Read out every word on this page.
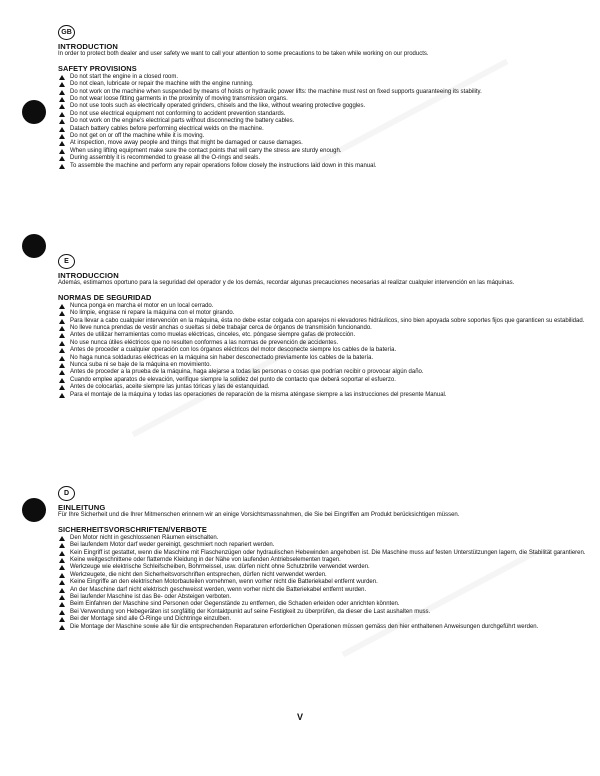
GB
INTRODUCTION

In order to protect both dealer and user safety we want to call your attention to some precautions to be taken while working on our products.

SAFETY PROVISIONS
Do not start the engine in a closed room.
Do not clean, lubricate or repair the machine with the engine running.
Do not work on the machine when suspended by means of hoists or hydraulic power lifts: the machine must rest on fixed supports guaranteeing its stability.
Do not wear loose fitting garments in the proximity of moving transmission organs.
Do not use tools such as electrically operated grinders, chisels and the like, without wearing protective goggles.
Do not use electrical equipment not conforming to accident prevention standards.
Do not work on the engine's electrical parts without disconnecting the battery cables.
Datach battery cables before performing electrical welds on the machine.
Do not get on or off the machine while it is moving.
At inspection, move away people and things that might be damaged or cause damages.
When using lifting equipment make sure the contact points that will carry the stress are sturdy enough.
During assembly it is recommended to grease all the O-rings and seals.
To assemble the machine and perform any repair operations follow closely the instructions laid down in this manual.
E
INTRODUCCION

Además, estimamos oportuno para la seguridad del operador y de los demás, recordar algunas precauciones necesarias al realizar cualquier intervención en las máquinas.

NORMAS DE SEGURIDAD
Nunca ponga en marcha el motor en un local cerrado.
No limpie, engrase ni repare la máquina con el motor girando.
Para llevar a cabo cualquier intervención en la máquina, ésta no debe estar colgada con aparejos ni elevadores hidráulicos, sino bien apoyada sobre soportes fijos que garanticen su estabilidad.
No lleve nunca prendas de vestir anchas o sueltas si debe trabajar cerca de órganos de transmisión funcionando.
Antes de utilizar herramientas como muelas eléctricas, cinceles, etc. póngase siempre gafas de protección.
No use nunca útiles eléctricos que no resulten conformes a las normas de prevención de accidentes.
Antes de proceder a cualquier operación con los órganos eléctricos del motor desconecte siempre los cables de la batería.
No haga nunca soldaduras eléctricas en la máquina sin haber desconectado previamente los cables de la batería.
Nunca suba ni se baje de la máquina en movimiento.
Antes de proceder a la prueba de la máquina, haga alejarse a todas las personas o cosas que podrían recibir o provocar algún daño.
Cuando emplee aparatos de elevación, verifique siempre la solidez del punto de contacto que deberá soportar el esfuerzo.
Antes de colocarlas, aceite siempre las juntas tóricas y las de estanquidad.
Para el montaje de la máquina y todas las operaciones de reparación de la misma aténgase siempre a las instrucciones del presente Manual.
D
EINLEITUNG

Für Ihre Sicherheit und die Ihrer Mitmenschen erinnern wir an einige Vorsichtsmassnahmen, die Sie bei Eingriffen am Produkt berücksichtigen müssen.

SICHERHEITSVORSCHRIFTEN/VERBOTE
Den Motor nicht in geschlossenen Räumen einschalten.
Bei laufendem Motor darf weder gereinigt, geschmiert noch repariert werden.
Kein Eingriff ist gestattet, wenn die Maschine mit Flaschenzügen oder hydraulischen Hebewinden angehoben ist. Die Maschine muss auf festen Unterstützungen lagern, die Stabilität garantieren.
Keine weitgeschnittene oder flatternde Kleidung in der Nähe von laufenden Antriebselementen tragen.
Werkzeuge wie elektrische Schleifscheiben, Bohrmeissel, usw. dürfen nicht ohne Schutzbrille verwendet werden.
Werkzeugete, die nicht den Sicherheitsvorschriften entsprechen, dürfen nicht verwendet werden.
Keine Eingriffe an den elektrischen Motorbauteilen vornehmen, wenn vorher nicht die Batteriekabel entfernt wurden.
An der Maschine darf nicht elektrisch geschweisst werden, wenn vorher nicht die Batteriekabel entfernt wurden.
Bei laufender Maschine ist das Be- oder Absteigen verboten.
Beim Einfahren der Maschine sind Personen oder Gegenstände zu entfernen, die Schaden erleiden oder anrichten könnten.
Bei Verwendung von Hebegeräten ist sorgfältig der Kontaktpunkt auf seine Festigkeit zu überprüfen, da dieser die Last aushalten muss.
Bei der Montage sind alle O-Ringe und Dichtringe einzulben.
Die Montage der Maschine sowie alle für die entsprechenden Reparaturen erforderlichen Operationen müssen gemäss den hier enthaltenen Anweisungen durchgeführt werden.
V
